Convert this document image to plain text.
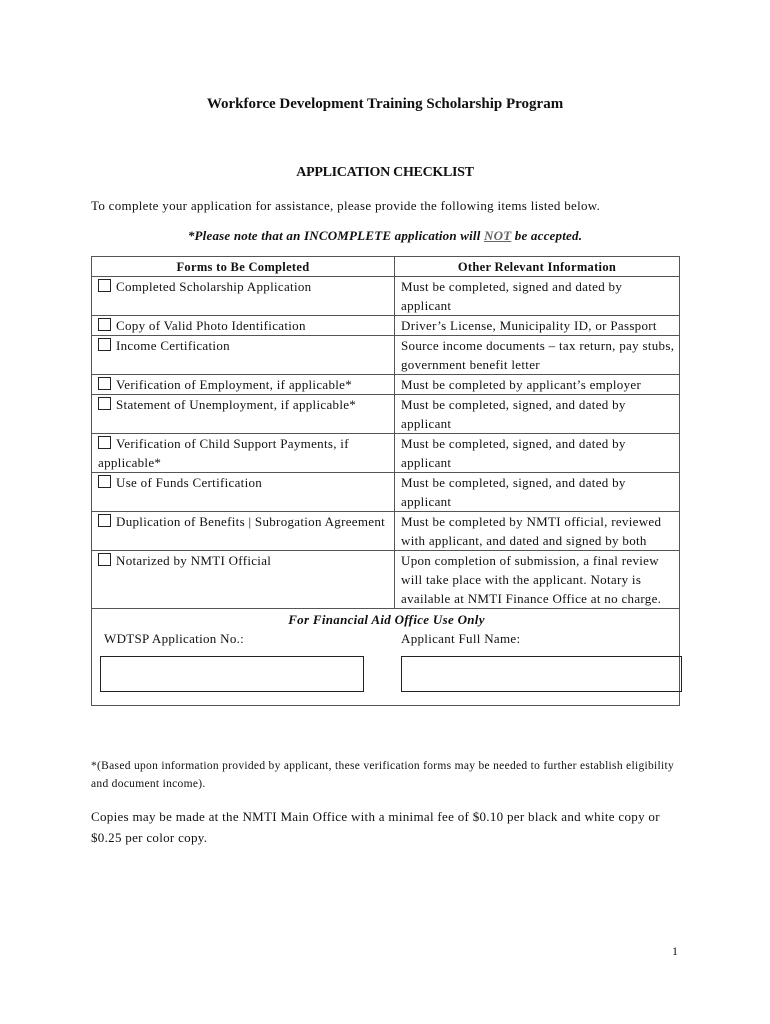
Workforce Development Training Scholarship Program
APPLICATION CHECKLIST
To complete your application for assistance, please provide the following items listed below.
*Please note that an INCOMPLETE application will NOT be accepted.
Forms to Be Completed	Other Relevant Information
Completed Scholarship Application	Must be completed, signed and dated by applicant
Copy of Valid Photo Identification	Driver’s License, Municipality ID, or Passport
Income Certification	Source income documents – tax return, pay stubs, government benefit letter
Verification of Employment, if applicable*	Must be completed by applicant’s employer
Statement of Unemployment, if applicable*	Must be completed, signed, and dated by applicant
Verification of Child Support Payments, if applicable*	Must be completed, signed, and dated by applicant
Use of Funds Certification	Must be completed, signed, and dated by applicant
Duplication of Benefits | Subrogation Agreement	Must be completed by NMTI official, reviewed with applicant, and dated and signed by both
Notarized by NMTI Official	Upon completion of submission, a final review will take place with the applicant. Notary is available at NMTI Finance Office at no charge.

For Financial Aid Office Use Only
WDTSP Application No.: Applicant Full Name:	
*(Based upon information provided by applicant, these verification forms may be needed to further establish eligibility and document income).
Copies may be made at the NMTI Main Office with a minimal fee of $0.10 per black and white copy or $0.25 per color copy.
1
